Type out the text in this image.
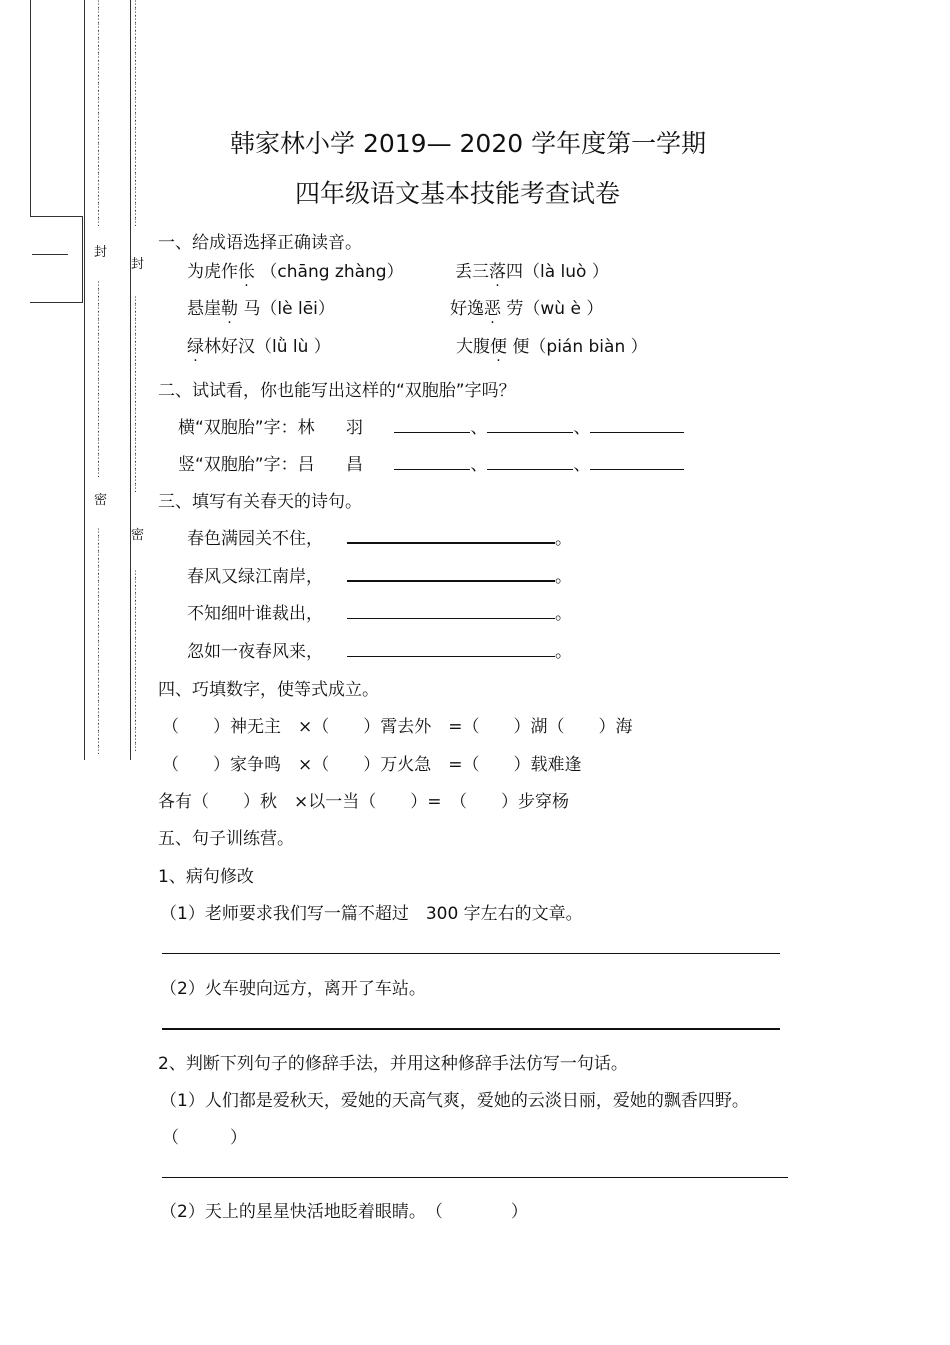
⋮⋮⋮⋮⋮⋮⋮⋮⋮⋮⋮⋮⋮⋮⋮⋮⋮⋮⋮⋮⋮⋮⋮⋮⋮⋮⋮⋮⋮⋮
封
⋮⋮⋮⋮⋮⋮⋮⋮⋮⋮⋮⋮⋮⋮⋮⋮⋮⋮⋮⋮⋮⋮⋮⋮⋮⋮
密
⋮⋮⋮⋮⋮⋮⋮⋮⋮⋮⋮⋮⋮⋮⋮⋮⋮⋮⋮⋮⋮⋮⋮⋮⋮⋮⋮⋮⋮⋮
⋮⋮⋮⋮⋮⋮⋮⋮⋮⋮⋮⋮⋮⋮⋮⋮⋮⋮⋮⋮⋮⋮⋮⋮⋮⋮⋮⋮⋮⋮
封
⋮⋮⋮⋮⋮⋮⋮⋮⋮⋮⋮⋮⋮⋮⋮⋮⋮⋮⋮⋮⋮⋮⋮⋮⋮⋮
密
⋮⋮⋮⋮⋮⋮⋮⋮⋮⋮⋮⋮⋮⋮⋮⋮⋮⋮⋮⋮⋮⋮⋮⋮
韩家林小学 2019— 2020 学年度第一学期
四年级语文基本技能考查试卷
一、给成语选择正确读音。
为虎作伥 （chāng zhàng）	丢三落四（là luò ）
悬崖勒 马（lè lēi）	好逸恶 劳（wù è ）
绿林好汉（lǜ lù ）	大腹便 便（pián biàn ）
二、试试看，你也能写出这样的“双胞胎”字吗？
横“双胞胎”字：林 羽	、	、
竖“双胞胎”字：吕 昌	、	、
三、填写有关春天的诗句。
春色满园关不住，	。
春风又绿江南岸，	。
不知细叶谁裁出，	。
忽如一夜春风来，	。
四、巧填数字，使等式成立。
（　　）神无主　×（　　）霄去外　=（　　）湖（　　）海
（　　）家争鸣　×（　　）万火急　=（　　）载难逢
各有（　　）秋　×以一当（　　）=　（　　）步穿杨
五、句子训练营。
1、病句修改
（1）老师要求我们写一篇不超过　300 字左右的文章。
（2）火车驶向远方，离开了车站。
2、判断下列句子的修辞手法，并用这种修辞手法仿写一句话。
（1）人们都是爱秋天，爱她的天高气爽，爱她的云淡日丽，爱她的飘香四野。
（　　　）
（2）天上的星星快活地眨着眼睛。　（　　　　）
